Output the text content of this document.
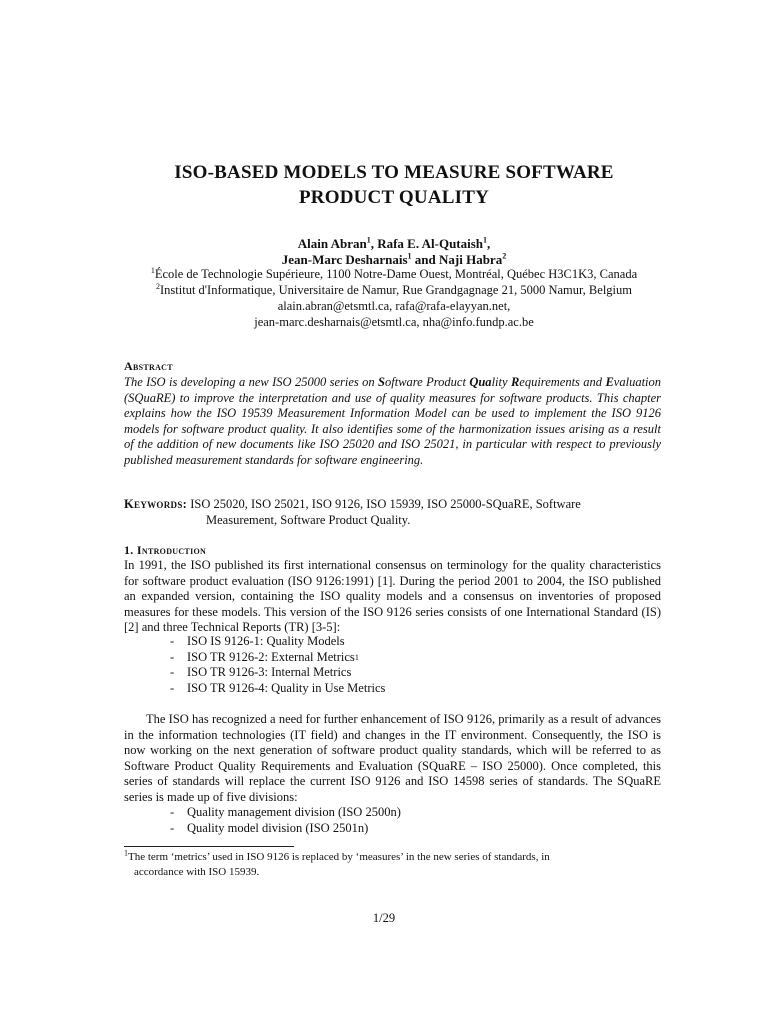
ISO-BASED MODELS TO MEASURE SOFTWARE
PRODUCT QUALITY
Alain Abran$^1$, Rafa E. Al-Qutaish$^1$,
Jean-Marc Desharnais$^1$ and Naji Habra$^2$
$^1$École de Technologie Supérieure, 1100 Notre-Dame Ouest, Montréal, Québec H3C1K3, Canada
$^2$Institut d'Informatique, Universitaire de Namur, Rue Grandgagnage 21, 5000 Namur, Belgium
alain.abran@etsmtl.ca, rafa@rafa-elayyan.net,
jean-marc.desharnais@etsmtl.ca, nha@info.fundp.ac.be
Abstract
The ISO is developing a new ISO 25000 series on Software Product Quality Requirements and Evaluation (SQuaRE) to improve the interpretation and use of quality measures for software products. This chapter explains how the ISO 19539 Measurement Information Model can be used to implement the ISO 9126 models for software product quality. It also identifies some of the harmonization issues arising as a result of the addition of new documents like ISO 25020 and ISO 25021, in particular with respect to previously published measurement standards for software engineering.
Keywords: ISO 25020, ISO 25021, ISO 9126, ISO 15939, ISO 25000-SQuaRE, Software
Measurement, Software Product Quality.
1. Introduction
In 1991, the ISO published its first international consensus on terminology for the quality characteristics for software product evaluation (ISO 9126:1991) [1]. During the period 2001 to 2004, the ISO published an expanded version, containing the ISO quality models and a consensus on inventories of proposed measures for these models. This version of the ISO 9126 series consists of one International Standard (IS) [2] and three Technical Reports (TR) [3-5]:
-	ISO IS 9126-1: Quality Models
-	ISO TR 9126-2: External Metrics 1
-	ISO TR 9126-3: Internal Metrics
-	ISO TR 9126-4: Quality in Use Metrics
The ISO has recognized a need for further enhancement of ISO 9126, primarily as a result of advances in the information technologies (IT field) and changes in the IT environment. Consequently, the ISO is now working on the next generation of software product quality standards, which will be referred to as Software Product Quality Requirements and Evaluation (SQuaRE – ISO 25000). Once completed, this series of standards will replace the current ISO 9126 and ISO 14598 series of standards. The SQuaRE series is made up of five divisions:
-	Quality management division (ISO 2500n)
-	Quality model division (ISO 2501n)
$^1$The term ‘metrics’ used in ISO 9126 is replaced by ‘measures’ in the new series of standards, in
accordance with ISO 15939.
1/29
